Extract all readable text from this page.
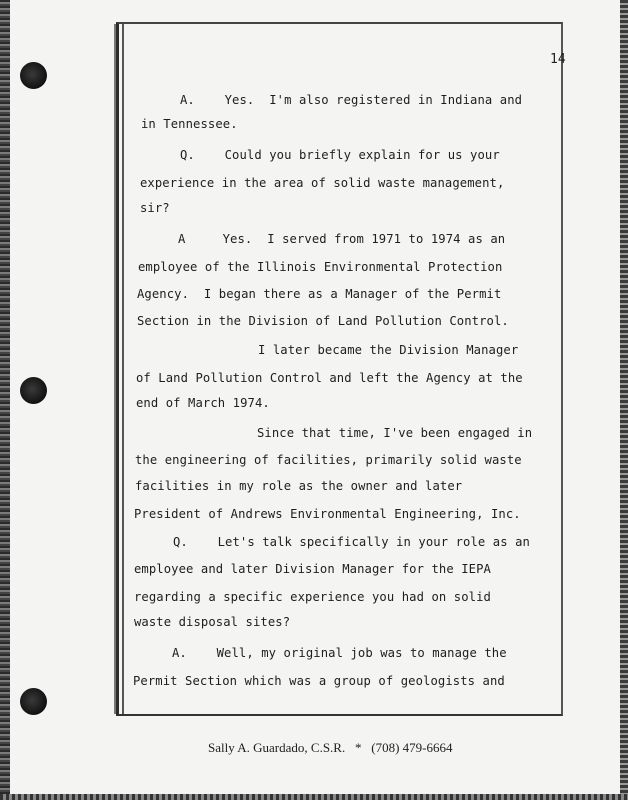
14
A.    Yes.  I'm also registered in Indiana and
in Tennessee.
Q.    Could you briefly explain for us your
experience in the area of solid waste management,
sir?
A     Yes.  I served from 1971 to 1974 as an
employee of the Illinois Environmental Protection
Agency.  I began there as a Manager of the Permit
Section in the Division of Land Pollution Control.
I later became the Division Manager
of Land Pollution Control and left the Agency at the
end of March 1974.
Since that time, I've been engaged in
the engineering of facilities, primarily solid waste
facilities in my role as the owner and later
President of Andrews Environmental Engineering, Inc.
Q.    Let's talk specifically in your role as an
employee and later Division Manager for the IEPA
regarding a specific experience you had on solid
waste disposal sites?
A.    Well, my original job was to manage the
Permit Section which was a group of geologists and
Sally A. Guardado, C.S.R. * (708) 479-6664
